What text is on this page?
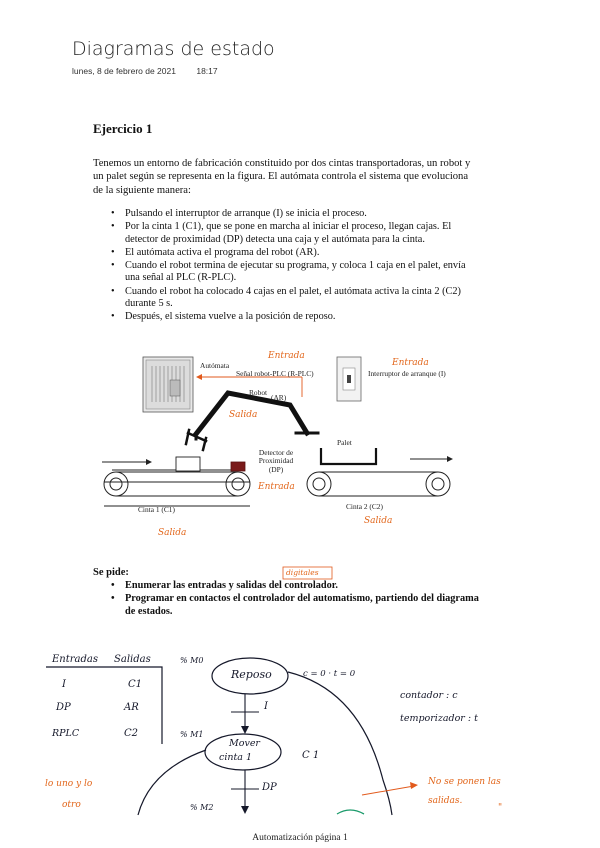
Diagramas de estado
lunes, 8 de febrero de 2021 18:17
Ejercicio 1
Tenemos un entorno de fabricación constituido por dos cintas transportadoras, un robot y un palet según se representa en la figura. El autómata controla el sistema que evoluciona de la siguiente manera:
• Pulsando el interruptor de arranque (I) se inicia el proceso.
• Por la cinta 1 (C1), que se pone en marcha al iniciar el proceso, llegan cajas. El detector de proximidad (DP) detecta una caja y el autómata para la cinta.
• El autómata activa el programa del robot (AR).
• Cuando el robot termina de ejecutar su programa, y coloca 1 caja en el palet, envía una señal al PLC (R-PLC).
• Cuando el robot ha colocado 4 cajas en el palet, el autómata activa la cinta 2 (C2) durante 5 s.
• Después, el sistema vuelve a la posición de reposo.
Autómata
Señal robot-PLC (R-PLC)	Interruptor de arranque (I)
Robot
(AR)
Detector de
Proximidad
(DP)
Palet
Cinta 1 (C1)	Cinta 2 (C2)
Entrada
Entrada
Salida
Entrada
Salida
Salida
digitales
Se pide:
• Enumerar las entradas y salidas del controlador.
• Programar en contactos el controlador del automatismo, partiendo del diagrama de estados.
Entradas Salidas
I	C1
DP	AR
RPLC	C2
% M0
Reposo	c = 0 · t = 0
I
contador : c
temporizador : t
% M1
Mover
cinta 1	C 1
DP
% M2
lo uno y lo
otro
No se ponen las
salidas.
"
Automatización página 1
